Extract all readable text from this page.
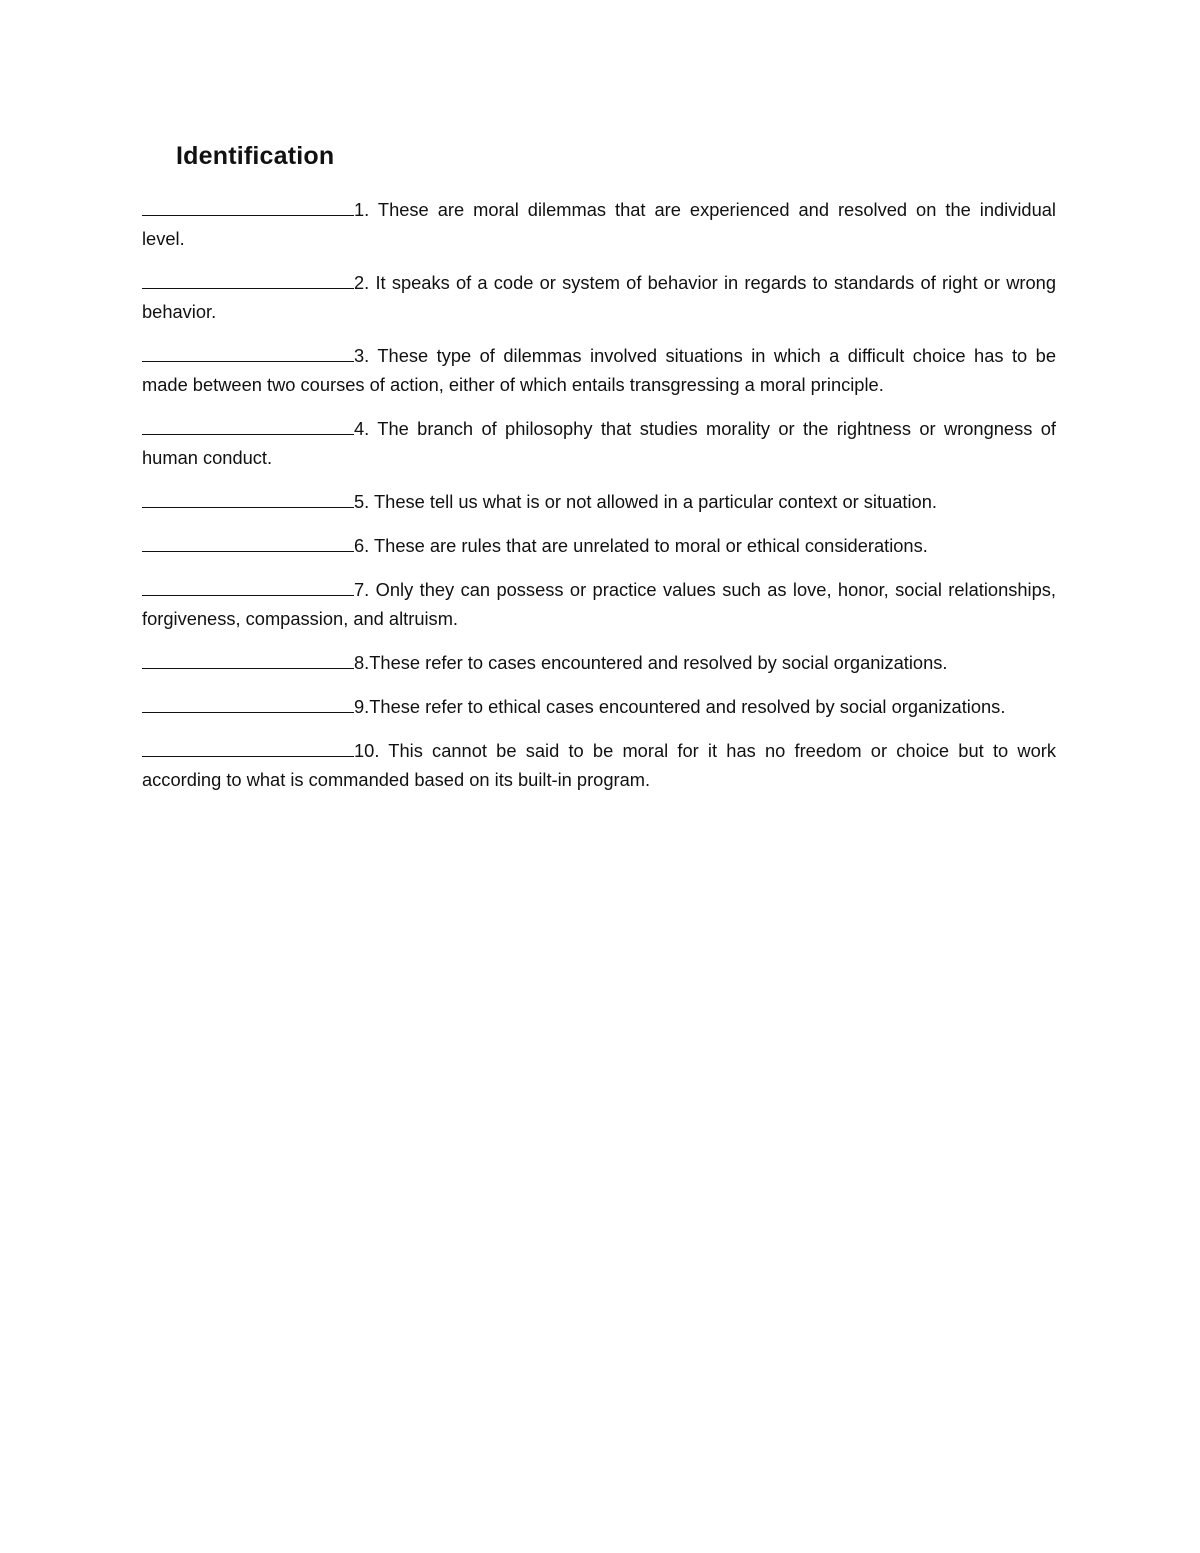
Identification

1. These are moral dilemmas that are experienced and resolved on the individual level.

2. It speaks of a code or system of behavior in regards to standards of right or wrong behavior.

3. These type of dilemmas involved situations in which a difficult choice has to be made between two courses of action, either of which entails transgressing a moral principle.

4. The branch of philosophy that studies morality or the rightness or wrongness of human conduct.

5. These tell us what is or not allowed in a particular context or situation.

6. These are rules that are unrelated to moral or ethical considerations.

7. Only they can possess or practice values such as love, honor, social relationships, forgiveness, compassion, and altruism.

8.These refer to cases encountered and resolved by social organizations.

9.These refer to ethical cases encountered and resolved by social organizations.

10. This cannot be said to be moral for it has no freedom or choice but to work according to what is commanded based on its built-in program.
